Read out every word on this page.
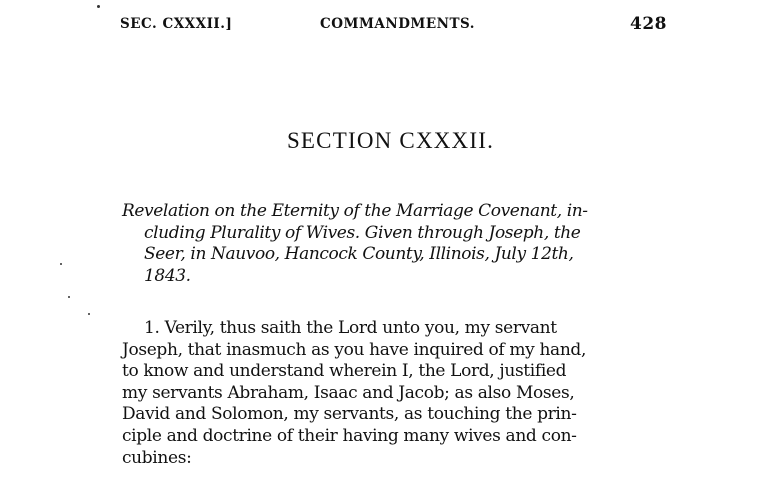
SEC. CXXXII.]	COMMANDMENTS.	428
SECTION CXXXII.
Revelation on the Eternity of the Marriage Covenant, in-
cluding Plurality of Wives. Given through Joseph, the
Seer, in Nauvoo, Hancock County, Illinois, July 12th,
1843.
1. Verily, thus saith the Lord unto you, my servant
Joseph, that inasmuch as you have inquired of my hand,
to know and understand wherein I, the Lord, justified
my servants Abraham, Isaac and Jacob; as also Moses,
David and Solomon, my servants, as touching the prin-
ciple and doctrine of their having many wives and con-
cubines:
